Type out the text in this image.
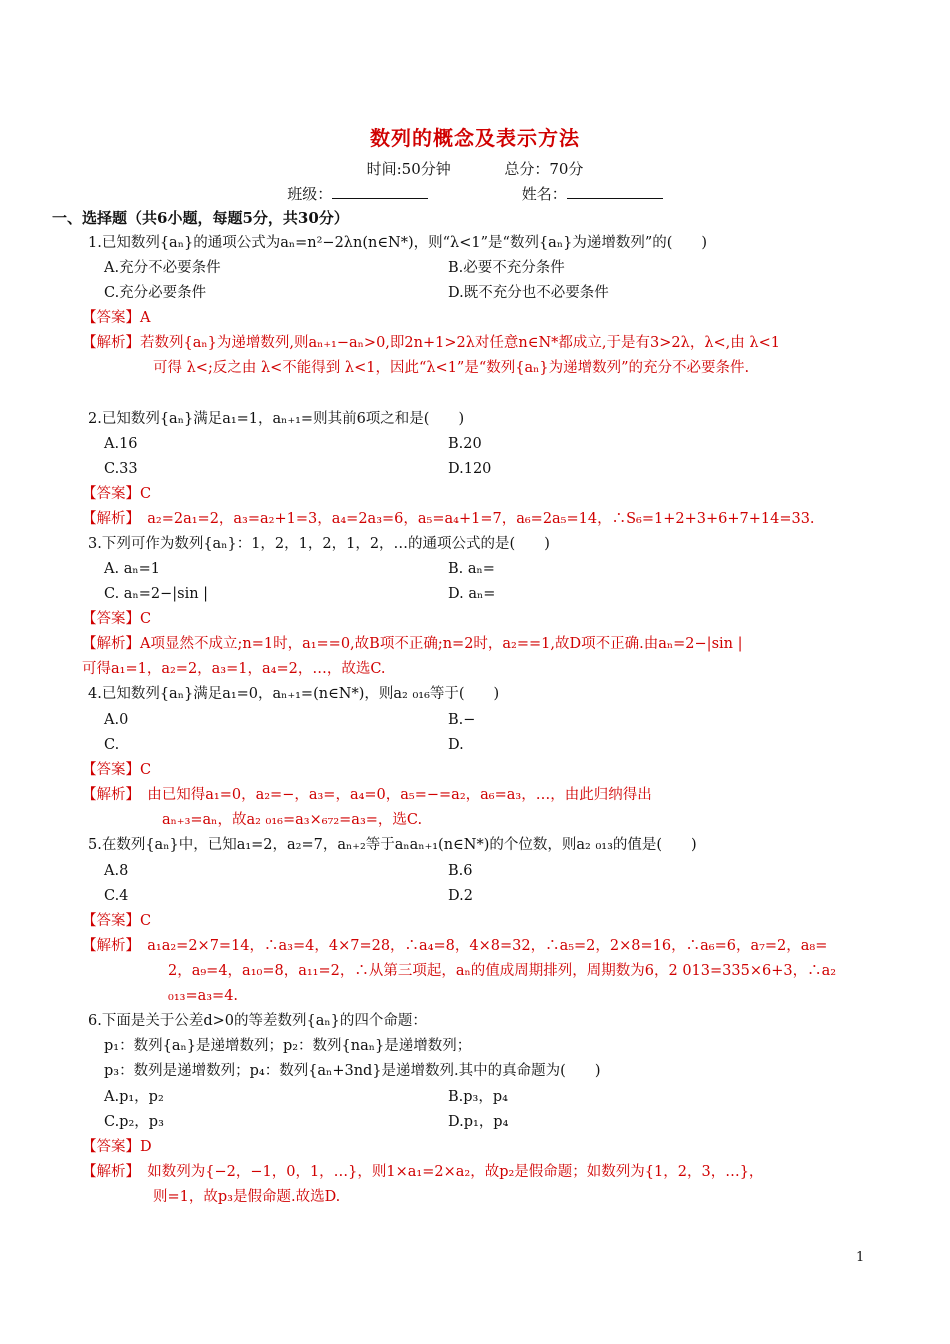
数列的概念及表示方法
时间:50分钟	总分：70分
班级：	姓名：
一、选择题（共6小题，每题5分，共30分）
1.已知数列{aₙ}的通项公式为aₙ=n²−2λn(n∈N*)，则“λ<1”是“数列{aₙ}为递增数列”的(　　)
A.充分不必要条件	B.必要不充分条件
C.充分必要条件	D.既不充分也不必要条件
【答案】A
【解析】若数列{aₙ}为递增数列,则aₙ₊₁−aₙ>0,即2n+1>2λ对任意n∈N*都成立,于是有3>2λ，λ<,由 λ<1
可得 λ<;反之由 λ<不能得到 λ<1，因此“λ<1”是“数列{aₙ}为递增数列”的充分不必要条件.
2.已知数列{aₙ}满足a₁=1，aₙ₊₁=则其前6项之和是(　　)
A.16	B.20
C.33	D.120
【答案】C
【解析】　a₂=2a₁=2，a₃=a₂+1=3，a₄=2a₃=6，a₅=a₄+1=7，a₆=2a₅=14，∴S₆=1+2+3+6+7+14=33.
3.下列可作为数列{aₙ}：1，2，1，2，1，2，…的通项公式的是(　　)
A. aₙ=1	B. aₙ=
C. aₙ=2−|sin |	D. aₙ=
【答案】C
【解析】A项显然不成立;n=1时，a₁==0,故B项不正确;n=2时，a₂==1,故D项不正确.由aₙ=2−|sin |
可得a₁=1，a₂=2，a₃=1，a₄=2，…，故选C.
4.已知数列{aₙ}满足a₁=0，aₙ₊₁=(n∈N*)，则a₂ ₀₁₆等于(　　)
A.0	B.−
C.	D.
【答案】C
【解析】　由已知得a₁=0，a₂=−，a₃=，a₄=0，a₅=−=a₂，a₆=a₃，…，由此归纳得出
aₙ₊₃=aₙ，故a₂ ₀₁₆=a₃×₆₇₂=a₃=，选C.
5.在数列{aₙ}中，已知a₁=2，a₂=7，aₙ₊₂等于aₙaₙ₊₁(n∈N*)的个位数，则a₂ ₀₁₃的值是(　　)
A.8	B.6
C.4	D.2
【答案】C
【解析】　a₁a₂=2×7=14，∴a₃=4，4×7=28，∴a₄=8，4×8=32，∴a₅=2，2×8=16，∴a₆=6，a₇=2，a₈=
2，a₉=4，a₁₀=8，a₁₁=2，∴从第三项起，aₙ的值成周期排列，周期数为6，2 013=335×6+3，∴a₂
₀₁₃=a₃=4.
6.下面是关于公差d>0的等差数列{aₙ}的四个命题：
p₁：数列{aₙ}是递增数列；p₂：数列{naₙ}是递增数列；
p₃：数列是递增数列；p₄：数列{aₙ+3nd}是递增数列.其中的真命题为(　　)
A.p₁，p₂	B.p₃，p₄
C.p₂，p₃	D.p₁，p₄
【答案】D
【解析】　如数列为{−2，−1，0，1，…}，则1×a₁=2×a₂，故p₂是假命题；如数列为{1，2，3，…}，
则=1，故p₃是假命题.故选D.
1
